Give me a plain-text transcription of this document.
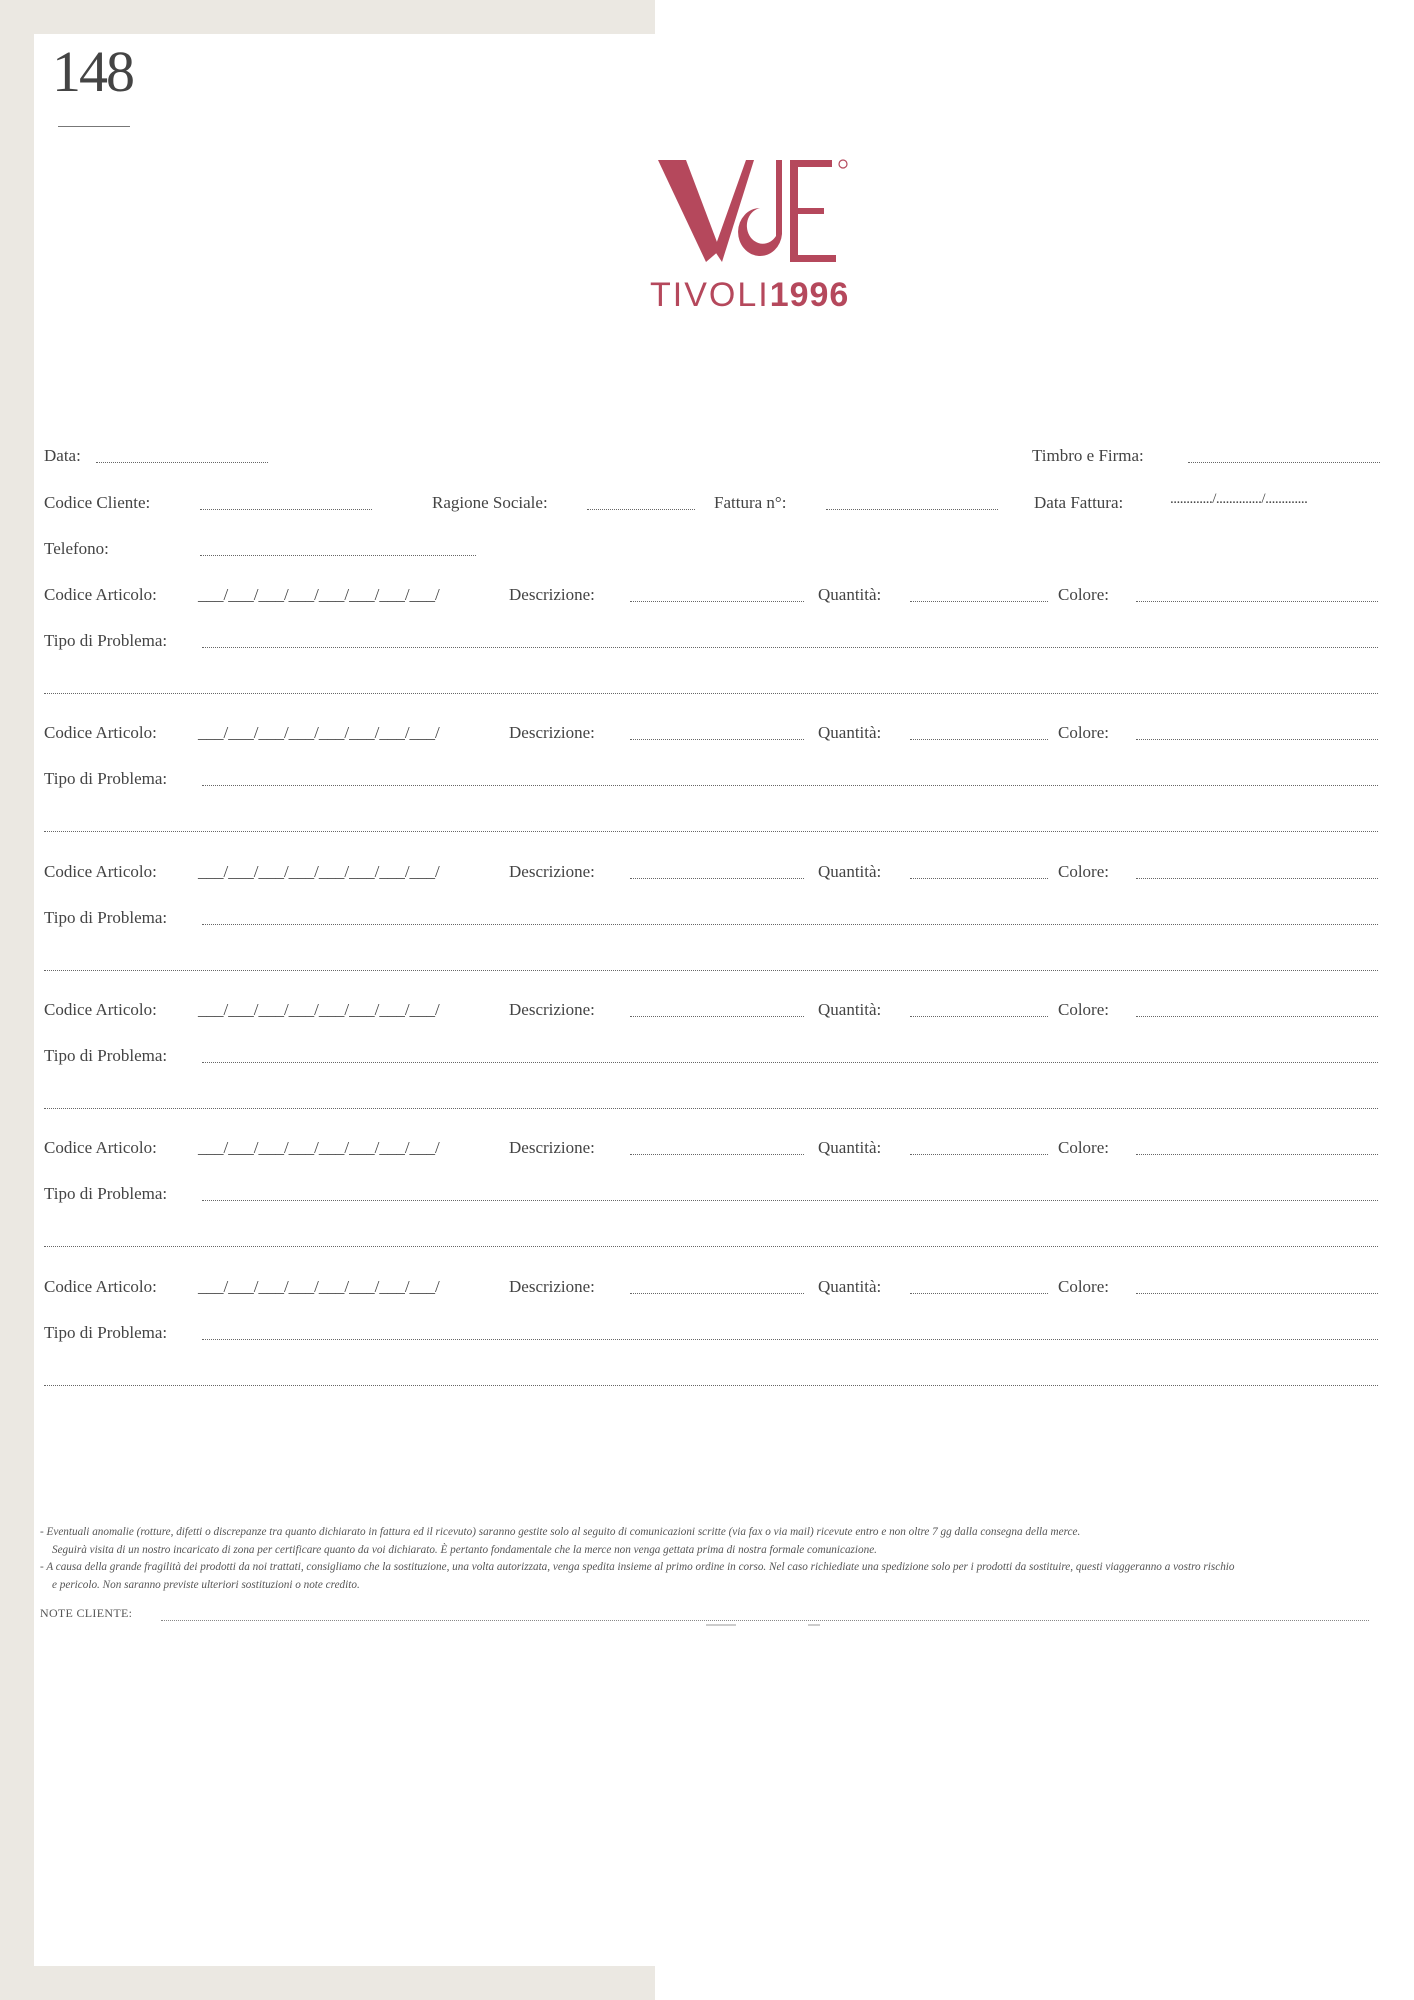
148
TIVOLI1996
Data:	Timbro e Firma:
Codice Cliente:	Ragione Sociale:	Fattura n°:	Data Fattura:	............./............../.............
Telefono:
Codice Articolo: ___/___/___/___/___/___/___/___/	Descrizione:	Quantità:	Colore:
Tipo di Problema:
Codice Articolo: ___/___/___/___/___/___/___/___/	Descrizione:	Quantità:	Colore:
Tipo di Problema:
Codice Articolo: ___/___/___/___/___/___/___/___/	Descrizione:	Quantità:	Colore:
Tipo di Problema:
Codice Articolo: ___/___/___/___/___/___/___/___/	Descrizione:	Quantità:	Colore:
Tipo di Problema:
Codice Articolo: ___/___/___/___/___/___/___/___/	Descrizione:	Quantità:	Colore:
Tipo di Problema:
Codice Articolo: ___/___/___/___/___/___/___/___/	Descrizione:	Quantità:	Colore:
Tipo di Problema:

- Eventuali anomalie (rotture, difetti o discrepanze tra quanto dichiarato in fattura ed il ricevuto) saranno gestite solo al seguito di comunicazioni scritte (via fax o via mail) ricevute entro e non oltre 7 gg dalla consegna della merce.

Seguirà visita di un nostro incaricato di zona per certificare quanto da voi dichiarato. È pertanto fondamentale che la merce non venga gettata prima di nostra formale comunicazione.

- A causa della grande fragilità dei prodotti da noi trattati, consigliamo che la sostituzione, una volta autorizzata, venga spedita insieme al primo ordine in corso. Nel caso richiediate una spedizione solo per i prodotti da sostituire, questi viaggeranno a vostro rischio

e pericolo. Non saranno previste ulteriori sostituzioni o note credito.

NOTE CLIENTE:
